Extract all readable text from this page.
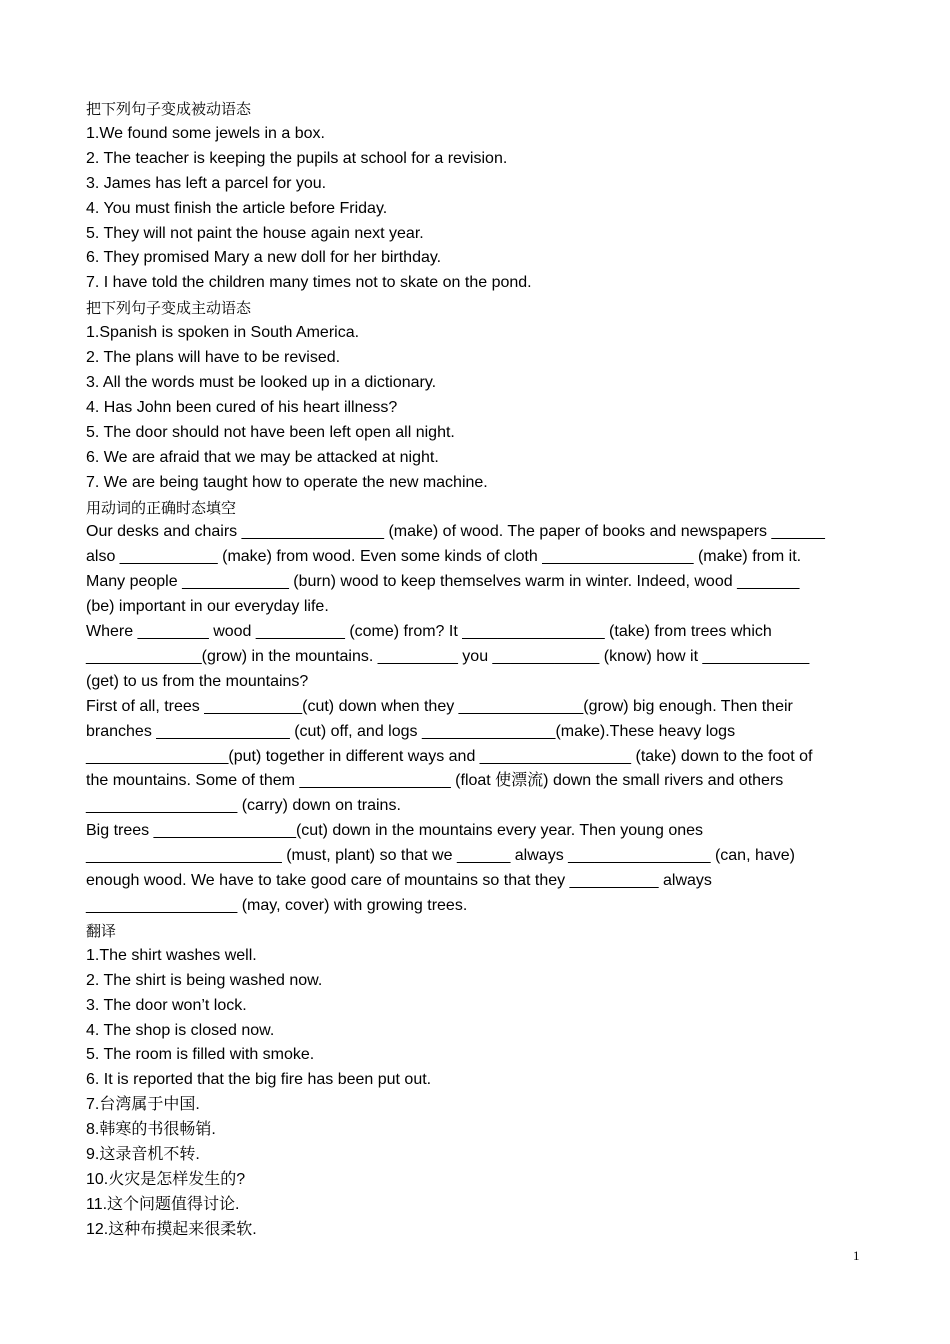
把下列句子变成被动语态
1.We found some jewels in a box.
2. The teacher is keeping the pupils at school for a revision.
3. James has left a parcel for you.
4. You must finish the article before Friday.
5. They will not paint the house again next year.
6. They promised Mary a new doll for her birthday.
7. I have told the children many times not to skate on the pond.
把下列句子变成主动语态
1.Spanish is spoken in South America.
2. The plans will have to be revised.
3. All the words must be looked up in a dictionary.
4. Has John been cured of his heart illness?
5. The door should not have been left open all night.
6. We are afraid that we may be attacked at night.
7. We are being taught how to operate the new machine.
用动词的正确时态填空
Our desks and chairs ________________ (make) of wood. The paper of books and newspapers ______
also ___________ (make) from wood. Even some kinds of cloth _________________ (make) from it.
Many people ____________ (burn) wood to keep themselves warm in winter. Indeed, wood _______
(be) important in our everyday life.
Where ________ wood __________ (come) from? It ________________ (take) from trees which
_____________(grow) in the mountains. _________ you ____________ (know) how it ____________
(get) to us from the mountains?
First of all, trees ___________(cut) down when they ______________(grow) big enough. Then their
branches _______________ (cut) off, and logs _______________(make).These heavy logs
________________(put) together in different ways and _________________ (take) down to the foot of
the mountains. Some of them _________________ (float 使漂流) down the small rivers and others
_________________ (carry) down on trains.
Big trees ________________(cut) down in the mountains every year. Then young ones
______________________ (must, plant) so that we ______ always ________________ (can, have)
enough wood. We have to take good care of mountains so that they __________ always
_________________ (may, cover) with growing trees.
翻译
1.The shirt washes well.
2. The shirt is being washed now.
3. The door won’t lock.
4. The shop is closed now.
5. The room is filled with smoke.
6. It is reported that the big fire has been put out.
7.台湾属于中国.
8.韩寒的书很畅销.
9.这录音机不转.
10.火灾是怎样发生的?
11.这个问题值得讨论.
12.这种布摸起来很柔软.
1
